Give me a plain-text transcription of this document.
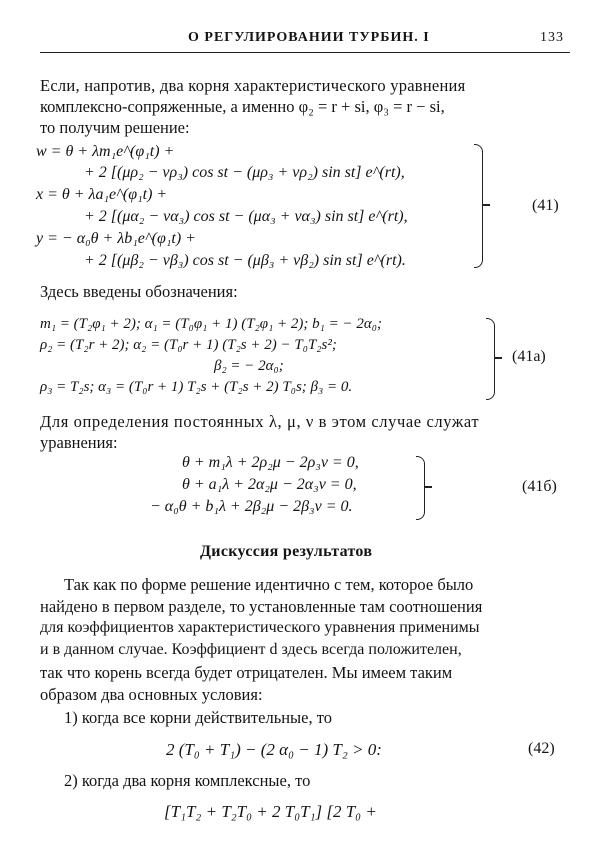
О РЕГУЛИРОВАНИИ ТУРБИН. I	133
Если, напротив, два корня характеристического уравнения
комплексно-сопряженные, а именно φ₂ = r + si, φ₃ = r − si,
то получим решение:
w = θ + λm₁e^(φ₁t) +
+ 2 [(μρ₂ − νρ₃) cos st − (μρ₃ + νρ₂) sin st] e^(rt),
x = θ + λa₁e^(φ₁t) +
+ 2 [(μα₂ − να₃) cos st − (μα₃ + να₃) sin st] e^(rt),
y = − α₀θ + λb₁e^(φ₁t) +
+ 2 [(μβ₂ − νβ₃) cos st − (μβ₃ + νβ₂) sin st] e^(rt).
(41)
Здесь введены обозначения:
m₁ = (T₂φ₁ + 2); α₁ = (T₀φ₁ + 1) (T₂φ₁ + 2); b₁ = − 2α₀;
ρ₂ = (T₂r + 2); α₂ = (T₀r + 1) (T₂s + 2) − T₀T₂s²;
β₂ = − 2α₀;
ρ₃ = T₂s; α₃ = (T₀r + 1) T₂s + (T₂s + 2) T₀s; β₃ = 0.
(41а)
Для определения постоянных λ, μ, ν в этом случае служат
уравнения:
θ + m₁λ + 2ρ₂μ − 2ρ₃ν = 0,
θ + a₁λ + 2α₂μ − 2α₃ν = 0,
− α₀θ + b₁λ + 2β₂μ − 2β₃ν = 0.
(41б)
Дискуссия результатов
Так как по форме решение идентично с тем, которое было
найдено в первом разделе, то установленные там соотношения
для коэффициентов характеристического уравнения применимы
и в данном случае. Коэффициент d здесь всегда положителен,
так что корень всегда будет отрицателен. Мы имеем таким
образом два основных условия:
1) когда все корни действительные, то
2 (T₀ + T₁) − (2 α₀ − 1) T₂ > 0:	(42)
2) когда два корня комплексные, то
[T₁T₂ + T₂T₀ + 2 T₀T₁] [2 T₀ +
